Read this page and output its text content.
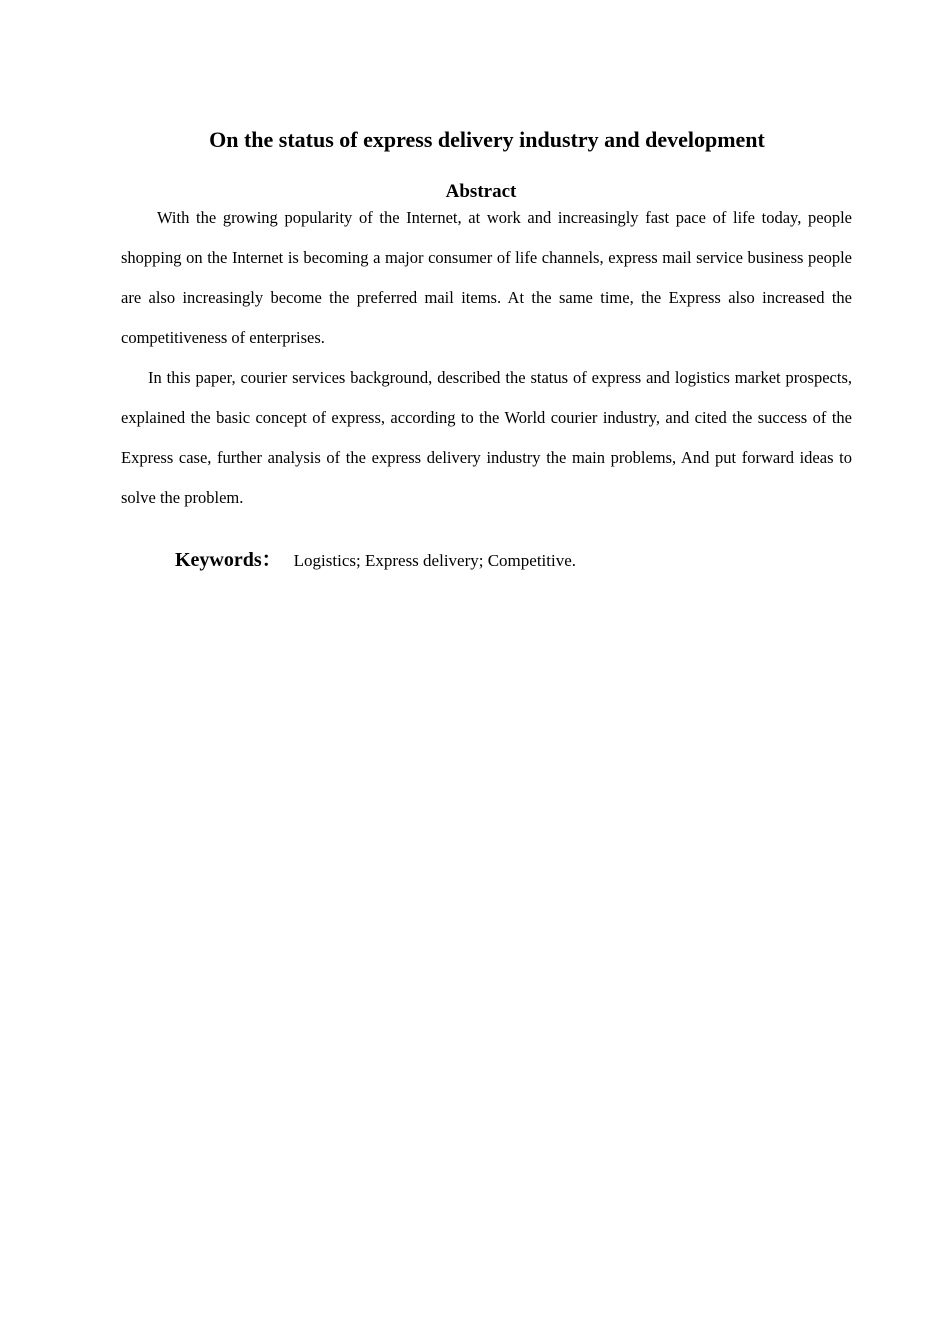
On the status of express delivery industry and development
Abstract

With the growing popularity of the Internet, at work and increasingly fast pace of life today, people shopping on the Internet is becoming a major consumer of life channels, express mail service business people are also increasingly become the preferred mail items. At the same time, the Express also increased the competitiveness of enterprises.

In this paper, courier services background, described the status of express and logistics market prospects, explained the basic concept of express, according to the World courier industry, and cited the success of the Express case, further analysis of the express delivery industry the main problems, And put forward ideas to solve the problem.

Keywords： Logistics; Express delivery; Competitive.
